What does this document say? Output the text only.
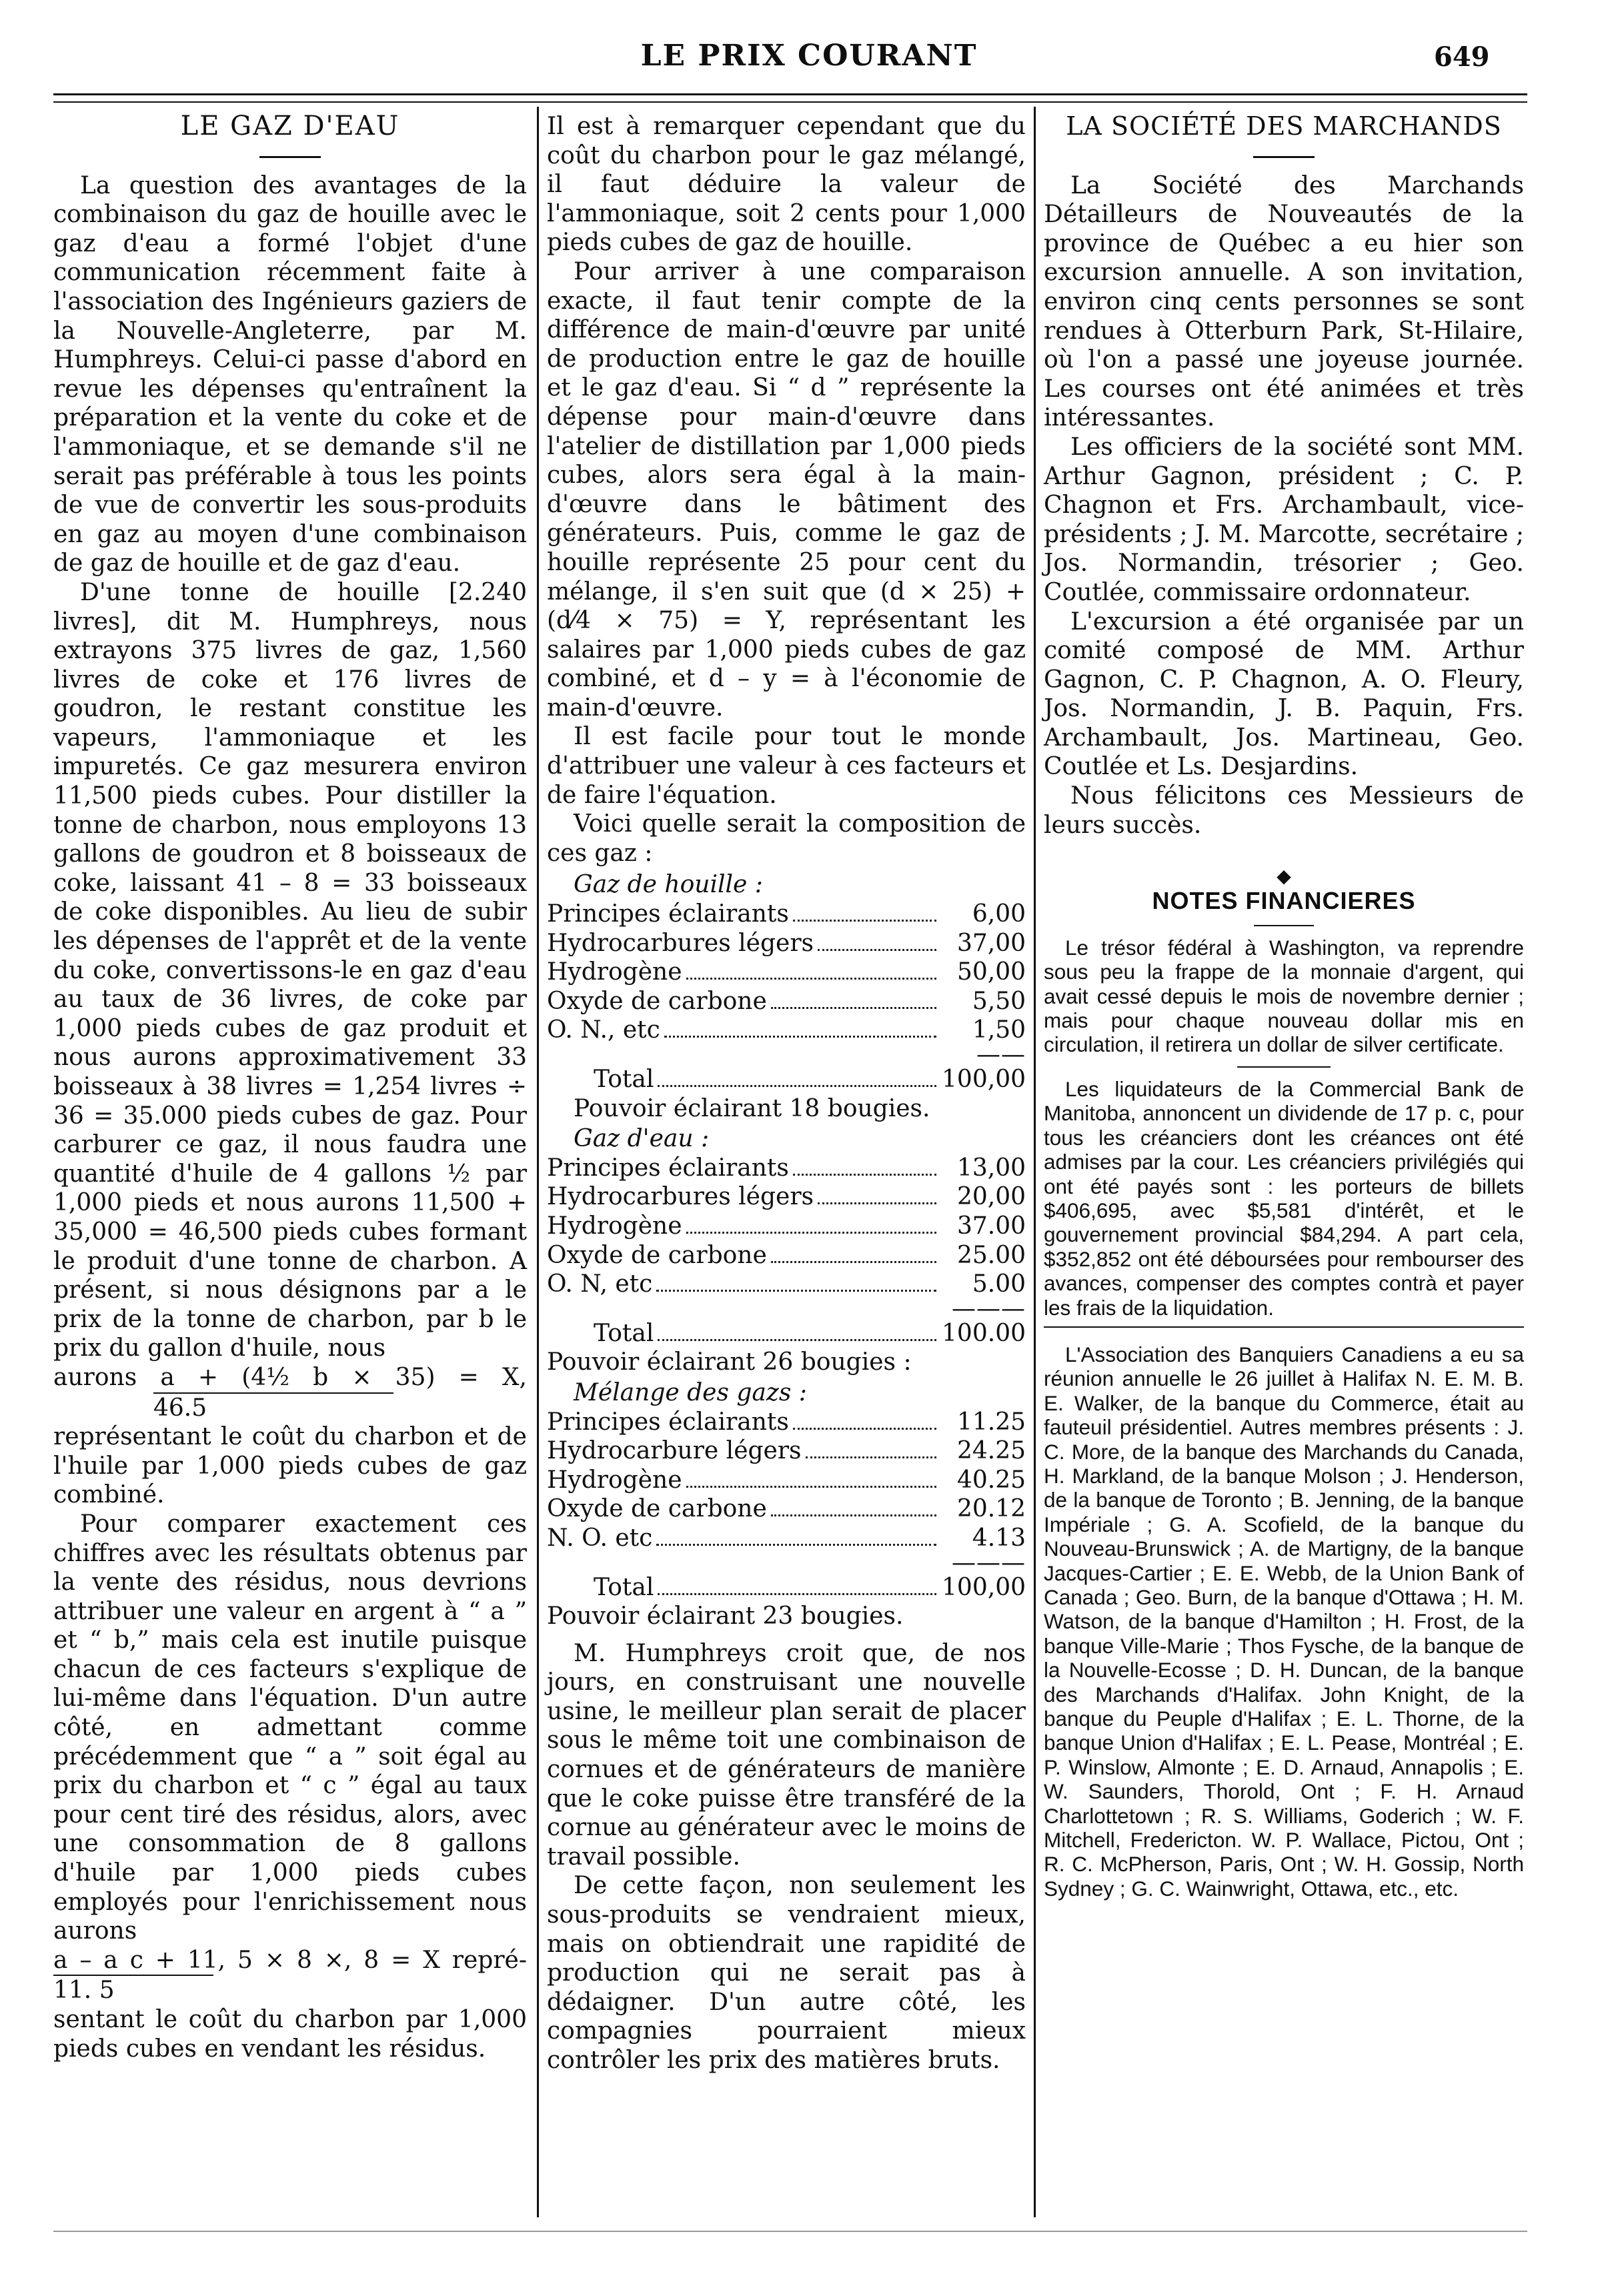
LE PRIX COURANT	649
LE GAZ D'EAU

La question des avantages de la combinaison du gaz de houille avec le gaz d'eau a formé l'objet d'une communication récemment faite à l'association des Ingénieurs gaziers de la Nouvelle-Angleterre, par M. Humphreys. Celui-ci passe d'abord en revue les dépenses qu'entraînent la préparation et la vente du coke et de l'ammoniaque, et se demande s'il ne serait pas préférable à tous les points de vue de convertir les sous-produits en gaz au moyen d'une combinaison de gaz de houille et de gaz d'eau.

D'une tonne de houille [2.240 livres], dit M. Humphreys, nous extrayons 375 livres de gaz, 1,560 livres de coke et 176 livres de goudron, le restant constitue les vapeurs, l'ammoniaque et les impuretés. Ce gaz mesurera environ 11,500 pieds cubes. Pour distiller la tonne de charbon, nous employons 13 gallons de goudron et 8 boisseaux de coke, laissant 41 – 8 = 33 boisseaux de coke disponibles. Au lieu de subir les dépenses de l'apprêt et de la vente du coke, convertissons-le en gaz d'eau au taux de 36 livres, de coke par 1,000 pieds cubes de gaz produit et nous aurons approximativement 33 boisseaux à 38 livres = 1,254 livres ÷ 36 = 35.000 pieds cubes de gaz. Pour carburer ce gaz, il nous faudra une quantité d'huile de 4 gallons ½ par 1,000 pieds et nous aurons 11,500 + 35,000 = 46,500 pieds cubes formant le produit d'une tonne de charbon. A présent, si nous désignons par a le prix de la tonne de charbon, par b le prix du gallon d'huile, nous

aurons a + (4½ b × 35) = X,
46.5

représentant le coût du charbon et de l'huile par 1,000 pieds cubes de gaz combiné.

Pour comparer exactement ces chiffres avec les résultats obtenus par la vente des résidus, nous devrions attribuer une valeur en argent à “ a ” et “ b,” mais cela est inutile puisque chacun de ces facteurs s'explique de lui-même dans l'équation. D'un autre côté, en admettant comme précédemment que “ a ” soit égal au prix du charbon et “ c ” égal au taux pour cent tiré des résidus, alors, avec une consommation de 8 gallons d'huile par 1,000 pieds cubes employés pour l'enrichissement nous aurons

a – a c + 11, 5 × 8 ×, 8 = X repré-
11. 5

sentant le coût du charbon par 1,000 pieds cubes en vendant les résidus.

Il est à remarquer cependant que du coût du charbon pour le gaz mélangé, il faut déduire la valeur de l'ammoniaque, soit 2 cents pour 1,000 pieds cubes de gaz de houille.

Pour arriver à une comparaison exacte, il faut tenir compte de la différence de main-d'œuvre par unité de production entre le gaz de houille et le gaz d'eau. Si “ d ” représente la dépense pour main-d'œuvre dans l'atelier de distillation par 1,000 pieds cubes, alors sera égal à la main-d'œuvre dans le bâtiment des générateurs. Puis, comme le gaz de houille représente 25 pour cent du mélange, il s'en suit que (d × 25) + (d⁄4 × 75) = Y, représentant les salaires par 1,000 pieds cubes de gaz combiné, et d – y = à l'économie de main-d'œuvre.

Il est facile pour tout le monde d'attribuer une valeur à ces facteurs et de faire l'équation.

Voici quelle serait la composition de ces gaz :

Gaz de houille :
Principes éclairants	6,00
Hydrocarbures légers	37,00
Hydrogène	50,00
Oxyde de carbone	5,50
O. N., etc	1,50
——
Total	100,00
Pouvoir éclairant 18 bougies.
Gaz d'eau :
Principes éclairants	13,00
Hydrocarbures légers	20,00
Hydrogène	37.00
Oxyde de carbone	25.00
O. N, etc	5.00
———
Total	100.00
Pouvoir éclairant 26 bougies :
Mélange des gazs :
Principes éclairants	11.25
Hydrocarbure légers	24.25
Hydrogène	40.25
Oxyde de carbone	20.12
N. O. etc	4.13
———
Total	100,00
Pouvoir éclairant 23 bougies.

M. Humphreys croit que, de nos jours, en construisant une nouvelle usine, le meilleur plan serait de placer sous le même toit une combinaison de cornues et de générateurs de manière que le coke puisse être transféré de la cornue au générateur avec le moins de travail possible.

De cette façon, non seulement les sous-produits se vendraient mieux, mais on obtiendrait une rapidité de production qui ne serait pas à dédaigner. D'un autre côté, les compagnies pourraient mieux contrôler les prix des matières bruts.

LA SOCIÉTÉ DES MARCHANDS

La Société des Marchands Détailleurs de Nouveautés de la province de Québec a eu hier son excursion annuelle. A son invitation, environ cinq cents personnes se sont rendues à Otterburn Park, St-Hilaire, où l'on a passé une joyeuse journée. Les courses ont été animées et très intéressantes.

Les officiers de la société sont MM. Arthur Gagnon, président ; C. P. Chagnon et Frs. Archambault, vice-présidents ; J. M. Marcotte, secrétaire ; Jos. Normandin, trésorier ; Geo. Coutlée, commissaire ordonnateur.

L'excursion a été organisée par un comité composé de MM. Arthur Gagnon, C. P. Chagnon, A. O. Fleury, Jos. Normandin, J. B. Paquin, Frs. Archambault, Jos. Martineau, Geo. Coutlée et Ls. Desjardins.

Nous félicitons ces Messieurs de leurs succès.

◆
NOTES FINANCIERES

Le trésor fédéral à Washington, va reprendre sous peu la frappe de la monnaie d'argent, qui avait cessé depuis le mois de novembre dernier ; mais pour chaque nouveau dollar mis en circulation, il retirera un dollar de silver certificate.

Les liquidateurs de la Commercial Bank de Manitoba, annoncent un dividende de 17 p. c, pour tous les créanciers dont les créances ont été admises par la cour. Les créanciers privilégiés qui ont été payés sont : les porteurs de billets $406,695, avec $5,581 d'intérêt, et le gouvernement provincial $84,294. A part cela, $352,852 ont été déboursées pour rembourser des avances, compenser des comptes contrà et payer les frais de la liquidation.

L'Association des Banquiers Canadiens a eu sa réunion annuelle le 26 juillet à Halifax N. E. M. B. E. Walker, de la banque du Commerce, était au fauteuil présidentiel. Autres membres présents : J. C. More, de la banque des Marchands du Canada, H. Markland, de la banque Molson ; J. Henderson, de la banque de Toronto ; B. Jenning, de la banque Impériale ; G. A. Scofield, de la banque du Nouveau-Brunswick ; A. de Martigny, de la banque Jacques-Cartier ; E. E. Webb, de la Union Bank of Canada ; Geo. Burn, de la banque d'Ottawa ; H. M. Watson, de la banque d'Hamilton ; H. Frost, de la banque Ville-Marie ; Thos Fysche, de la banque de la Nouvelle-Ecosse ; D. H. Duncan, de la banque des Marchands d'Halifax. John Knight, de la banque du Peuple d'Halifax ; E. L. Thorne, de la banque Union d'Halifax ; E. L. Pease, Montréal ; E. P. Winslow, Almonte ; E. D. Arnaud, Annapolis ; E. W. Saunders, Thorold, Ont ; F. H. Arnaud Charlottetown ; R. S. Williams, Goderich ; W. F. Mitchell, Fredericton. W. P. Wallace, Pictou, Ont ; R. C. McPherson, Paris, Ont ; W. H. Gossip, North Sydney ; G. C. Wainwright, Ottawa, etc., etc.
